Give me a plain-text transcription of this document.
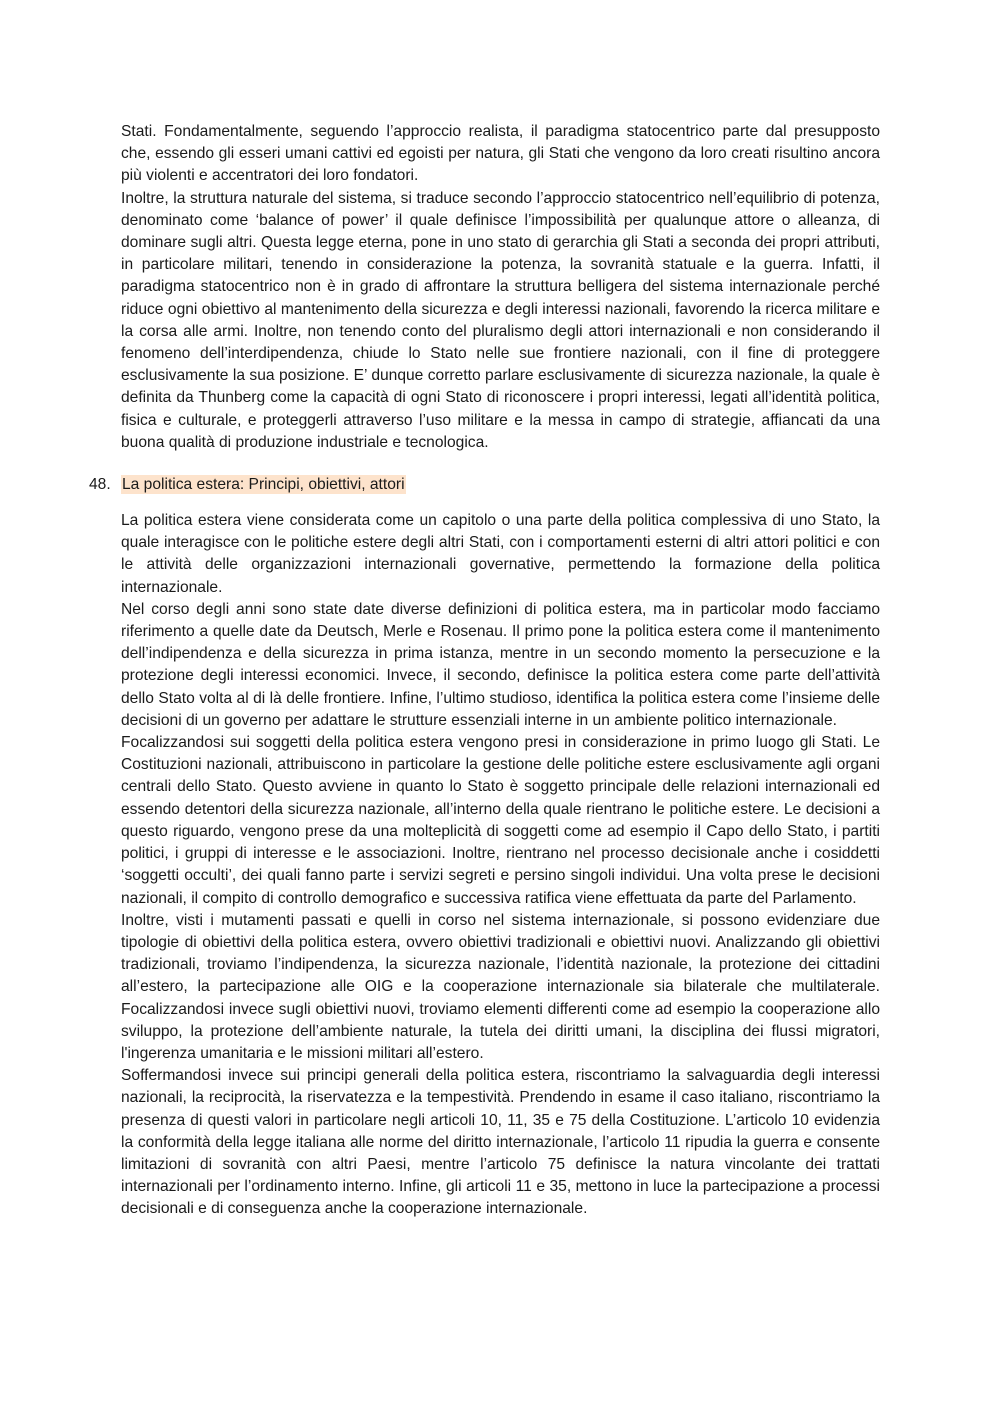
Stati. Fondamentalmente, seguendo l’approccio realista, il paradigma statocentrico parte dal presupposto che, essendo gli esseri umani cattivi ed egoisti per natura, gli Stati che vengono da loro creati risultino ancora più violenti e accentratori dei loro fondatori.

Inoltre, la struttura naturale del sistema, si traduce secondo l’approccio statocentrico nell’equilibrio di potenza, denominato come ‘balance of power’ il quale definisce l’impossibilità per qualunque attore o alleanza, di dominare sugli altri. Questa legge eterna, pone in uno stato di gerarchia gli Stati a seconda dei propri attributi, in particolare militari, tenendo in considerazione la potenza, la sovranità statuale e la guerra. Infatti, il paradigma statocentrico non è in grado di affrontare la struttura belligera del sistema internazionale perché riduce ogni obiettivo al mantenimento della sicurezza e degli interessi nazionali, favorendo la ricerca militare e la corsa alle armi. Inoltre, non tenendo conto del pluralismo degli attori internazionali e non considerando il fenomeno dell’interdipendenza, chiude lo Stato nelle sue frontiere nazionali, con il fine di proteggere esclusivamente la sua posizione. E’ dunque corretto parlare esclusivamente di sicurezza nazionale, la quale è definita da Thunberg come la capacità di ogni Stato di riconoscere i propri interessi, legati all’identità politica, fisica e culturale, e proteggerli attraverso l’uso militare e la messa in campo di strategie, affiancati da una buona qualità di produzione industriale e tecnologica.

48. La politica estera: Principi, obiettivi, attori

La politica estera viene considerata come un capitolo o una parte della politica complessiva di uno Stato, la quale interagisce con le politiche estere degli altri Stati, con i comportamenti esterni di altri attori politici e con le attività delle organizzazioni internazionali governative, permettendo la formazione della politica internazionale.

Nel corso degli anni sono state date diverse definizioni di politica estera, ma in particolar modo facciamo riferimento a quelle date da Deutsch, Merle e Rosenau. Il primo pone la politica estera come il mantenimento dell’indipendenza e della sicurezza in prima istanza, mentre in un secondo momento la persecuzione e la protezione degli interessi economici. Invece, il secondo, definisce la politica estera come parte dell’attività dello Stato volta al di là delle frontiere. Infine, l’ultimo studioso, identifica la politica estera come l’insieme delle decisioni di un governo per adattare le strutture essenziali interne in un ambiente politico internazionale.

Focalizzandosi sui soggetti della politica estera vengono presi in considerazione in primo luogo gli Stati. Le Costituzioni nazionali, attribuiscono in particolare la gestione delle politiche estere esclusivamente agli organi centrali dello Stato. Questo avviene in quanto lo Stato è soggetto principale delle relazioni internazionali ed essendo detentori della sicurezza nazionale, all’interno della quale rientrano le politiche estere. Le decisioni a questo riguardo, vengono prese da una molteplicità di soggetti come ad esempio il Capo dello Stato, i partiti politici, i gruppi di interesse e le associazioni. Inoltre, rientrano nel processo decisionale anche i cosiddetti ‘soggetti occulti’, dei quali fanno parte i servizi segreti e persino singoli individui. Una volta prese le decisioni nazionali, il compito di controllo demografico e successiva ratifica viene effettuata da parte del Parlamento.

Inoltre, visti i mutamenti passati e quelli in corso nel sistema internazionale, si possono evidenziare due tipologie di obiettivi della politica estera, ovvero obiettivi tradizionali e obiettivi nuovi. Analizzando gli obiettivi tradizionali, troviamo l’indipendenza, la sicurezza nazionale, l’identità nazionale, la protezione dei cittadini all’estero, la partecipazione alle OIG e la cooperazione internazionale sia bilaterale che multilaterale. Focalizzandosi invece sugli obiettivi nuovi, troviamo elementi differenti come ad esempio la cooperazione allo sviluppo, la protezione dell’ambiente naturale, la tutela dei diritti umani, la disciplina dei flussi migratori, l'ingerenza umanitaria e le missioni militari all’estero.

Soffermandosi invece sui principi generali della politica estera, riscontriamo la salvaguardia degli interessi nazionali, la reciprocità, la riservatezza e la tempestività. Prendendo in esame il caso italiano, riscontriamo la presenza di questi valori in particolare negli articoli 10, 11, 35 e 75 della Costituzione. L’articolo 10 evidenzia la conformità della legge italiana alle norme del diritto internazionale, l’articolo 11 ripudia la guerra e consente limitazioni di sovranità con altri Paesi, mentre l’articolo 75 definisce la natura vincolante dei trattati internazionali per l’ordinamento interno. Infine, gli articoli 11 e 35, mettono in luce la partecipazione a processi decisionali e di conseguenza anche la cooperazione internazionale.
